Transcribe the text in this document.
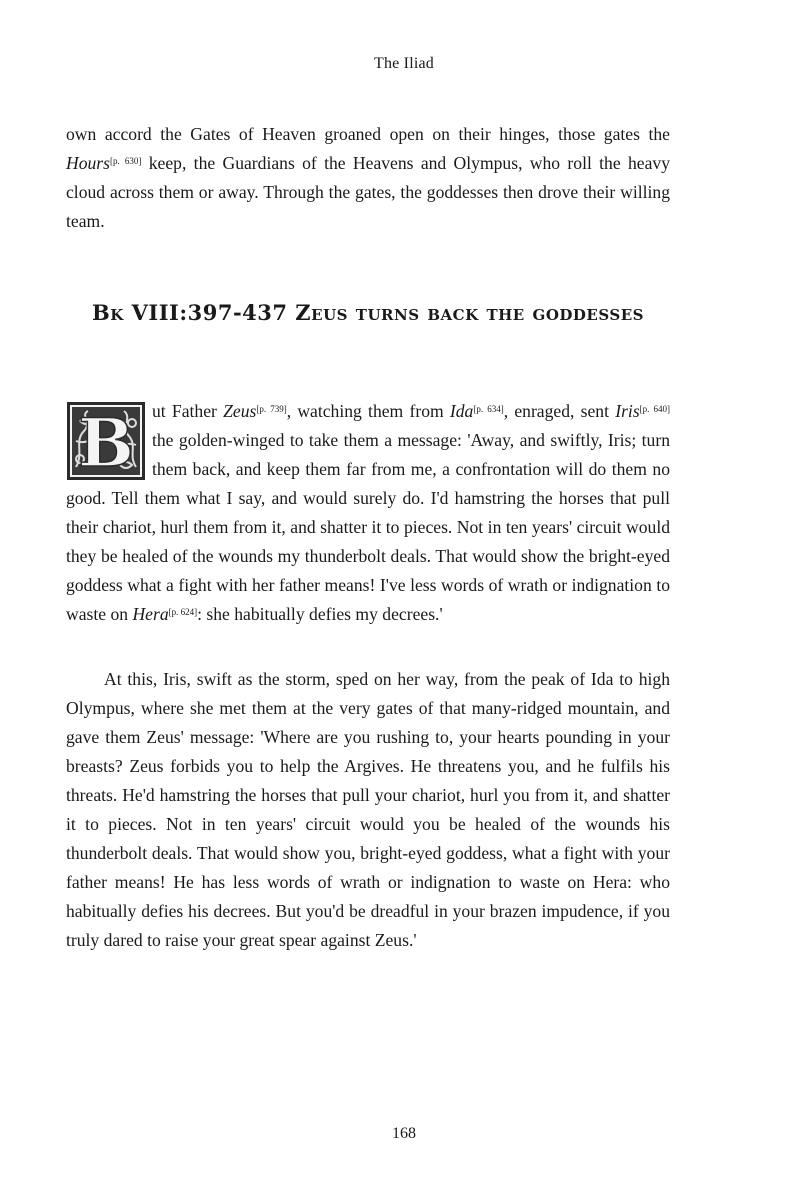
The Iliad
own accord the Gates of Heaven groaned open on their hinges, those gates the Hours[p. 630] keep, the Guardians of the Heavens and Olympus, who roll the heavy cloud across them or away. Through the gates, the goddesses then drove their willing team.
Bk VIII:397-437 Zeus turns back the goddesses
B ut Father Zeus[p. 739], watching them from Ida[p. 634], enraged, sent Iris[p. 640] the golden-winged to take them a message: 'Away, and swiftly, Iris; turn them back, and keep them far from me, a confrontation will do them no good. Tell them what I say, and would surely do. I'd hamstring the horses that pull their chariot, hurl them from it, and shatter it to pieces. Not in ten years' circuit would they be healed of the wounds my thunderbolt deals. That would show the bright-eyed goddess what a fight with her father means! I've less words of wrath or indignation to waste on Hera[p. 624]: she habitually defies my decrees.'
At this, Iris, swift as the storm, sped on her way, from the peak of Ida to high Olympus, where she met them at the very gates of that many-ridged mountain, and gave them Zeus' message: 'Where are you rushing to, your hearts pounding in your breasts? Zeus forbids you to help the Argives. He threatens you, and he fulfils his threats. He'd hamstring the horses that pull your chariot, hurl you from it, and shatter it to pieces. Not in ten years' circuit would you be healed of the wounds his thunderbolt deals. That would show you, bright-eyed goddess, what a fight with your father means! He has less words of wrath or indignation to waste on Hera: who habitually defies his decrees. But you'd be dreadful in your brazen impudence, if you truly dared to raise your great spear against Zeus.'
168
